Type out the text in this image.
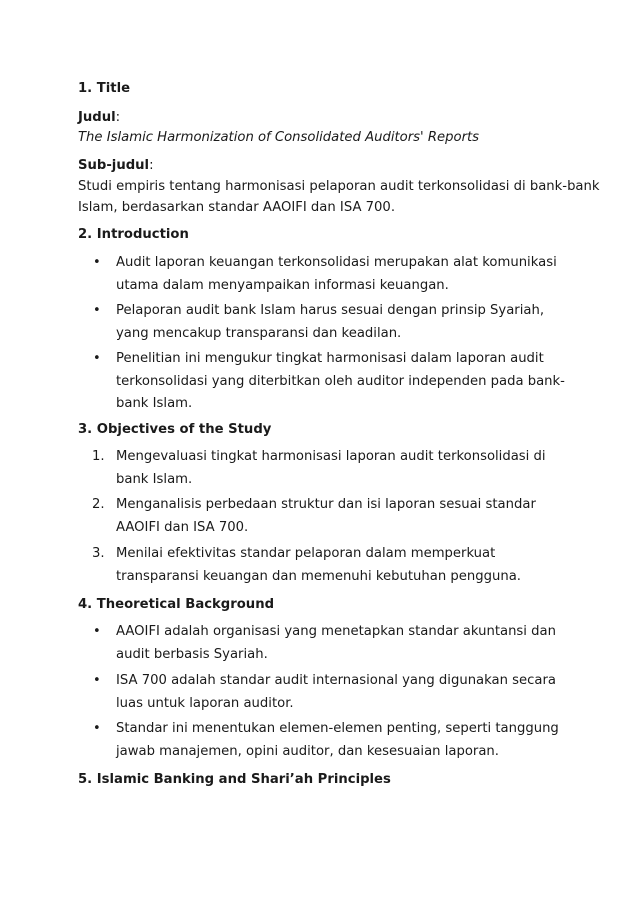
1. Title

Judul:

The Islamic Harmonization of Consolidated Auditors' Reports

Sub-judul:

Studi empiris tentang harmonisasi pelaporan audit terkonsolidasi di bank-bank

Islam, berdasarkan standar AAOIFI dan ISA 700.

2. Introduction

• Audit laporan keuangan terkonsolidasi merupakan alat komunikasi utama dalam menyampaikan informasi keuangan.
• Pelaporan audit bank Islam harus sesuai dengan prinsip Syariah, yang mencakup transparansi dan keadilan.
• Penelitian ini mengukur tingkat harmonisasi dalam laporan audit terkonsolidasi yang diterbitkan oleh auditor independen pada bank-bank Islam.

3. Objectives of the Study

1. Mengevaluasi tingkat harmonisasi laporan audit terkonsolidasi di bank Islam.
2. Menganalisis perbedaan struktur dan isi laporan sesuai standar AAOIFI dan ISA 700.
3. Menilai efektivitas standar pelaporan dalam memperkuat transparansi keuangan dan memenuhi kebutuhan pengguna.

4. Theoretical Background

• AAOIFI adalah organisasi yang menetapkan standar akuntansi dan audit berbasis Syariah.
• ISA 700 adalah standar audit internasional yang digunakan secara luas untuk laporan auditor.
• Standar ini menentukan elemen-elemen penting, seperti tanggung jawab manajemen, opini auditor, dan kesesuaian laporan.

5. Islamic Banking and Shari’ah Principles
